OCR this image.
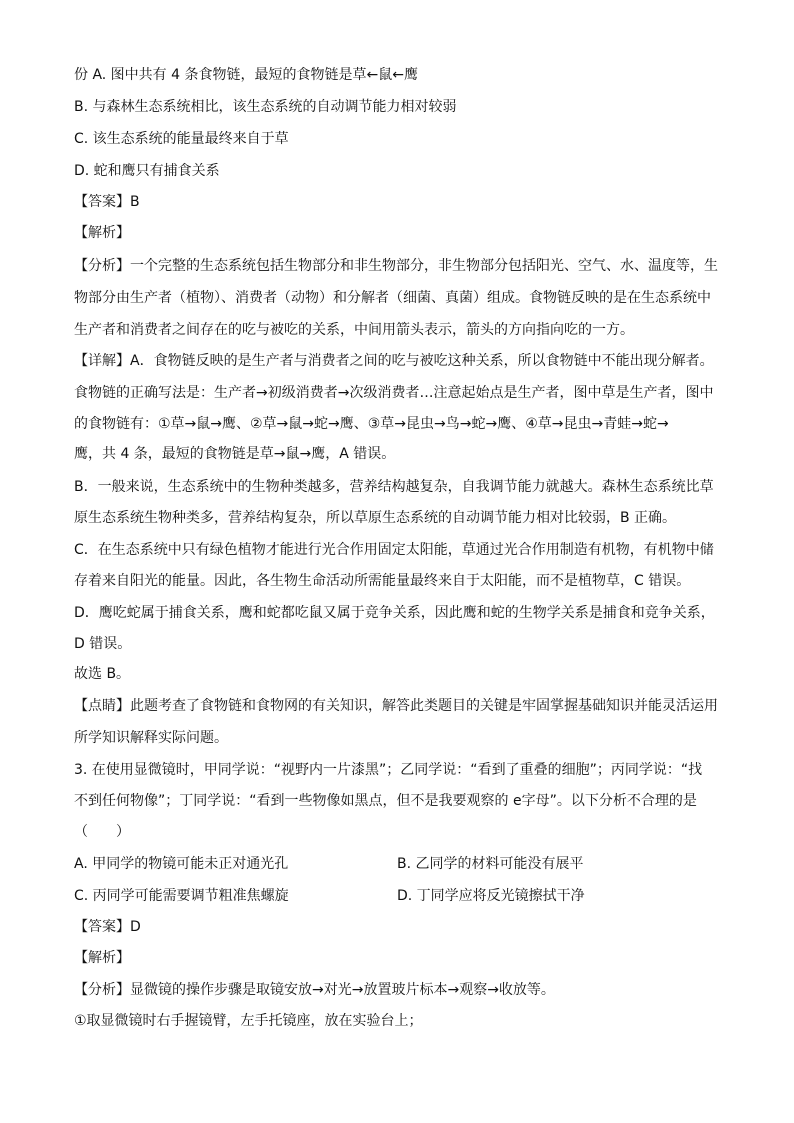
份 A. 图中共有 4 条食物链，最短的食物链是草←鼠←鹰
B. 与森林生态系统相比，该生态系统的自动调节能力相对较弱
C. 该生态系统的能量最终来自于草
D. 蛇和鹰只有捕食关系
【答案】B
【解析】
【分析】一个完整的生态系统包括生物部分和非生物部分，非生物部分包括阳光、空气、水、温度等，生
物部分由生产者（植物）、消费者（动物）和分解者（细菌、真菌）组成。食物链反映的是在生态系统中
生产者和消费者之间存在的吃与被吃的关系，中间用箭头表示，箭头的方向指向吃的一方。
【详解】A．食物链反映的是生产者与消费者之间的吃与被吃这种关系，所以食物链中不能出现分解者。
食物链的正确写法是：生产者→初级消费者→次级消费者…注意起始点是生产者，图中草是生产者，图中
的食物链有：①草→鼠→鹰、②草→鼠→蛇→鹰、③草→昆虫→鸟→蛇→鹰、④草→昆虫→青蛙→蛇→
鹰，共 4 条，最短的食物链是草→鼠→鹰，A 错误。
B．一般来说，生态系统中的生物种类越多，营养结构越复杂，自我调节能力就越大。森林生态系统比草
原生态系统生物种类多，营养结构复杂，所以草原生态系统的自动调节能力相对比较弱，B 正确。
C．在生态系统中只有绿色植物才能进行光合作用固定太阳能，草通过光合作用制造有机物，有机物中储
存着来自阳光的能量。因此，各生物生命活动所需能量最终来自于太阳能，而不是植物草，C 错误。
D．鹰吃蛇属于捕食关系，鹰和蛇都吃鼠又属于竞争关系，因此鹰和蛇的生物学关系是捕食和竞争关系，
D 错误。
故选 B。
【点睛】此题考查了食物链和食物网的有关知识，解答此类题目的关键是牢固掌握基础知识并能灵活运用
所学知识解释实际问题。
3. 在使用显微镜时，甲同学说：“视野内一片漆黑”；乙同学说：“看到了重叠的细胞”；丙同学说：“找
不到任何物像”；丁同学说：“看到一些物像如黑点，但不是我要观察的 e字母”。以下分析不合理的是
（　　）
A. 甲同学的物镜可能未正对通光孔	B. 乙同学的材料可能没有展平
C. 丙同学可能需要调节粗准焦螺旋	D. 丁同学应将反光镜擦拭干净
【答案】D
【解析】
【分析】显微镜的操作步骤是取镜安放→对光→放置玻片标本→观察→收放等。
①取显微镜时右手握镜臂，左手托镜座，放在实验台上；
